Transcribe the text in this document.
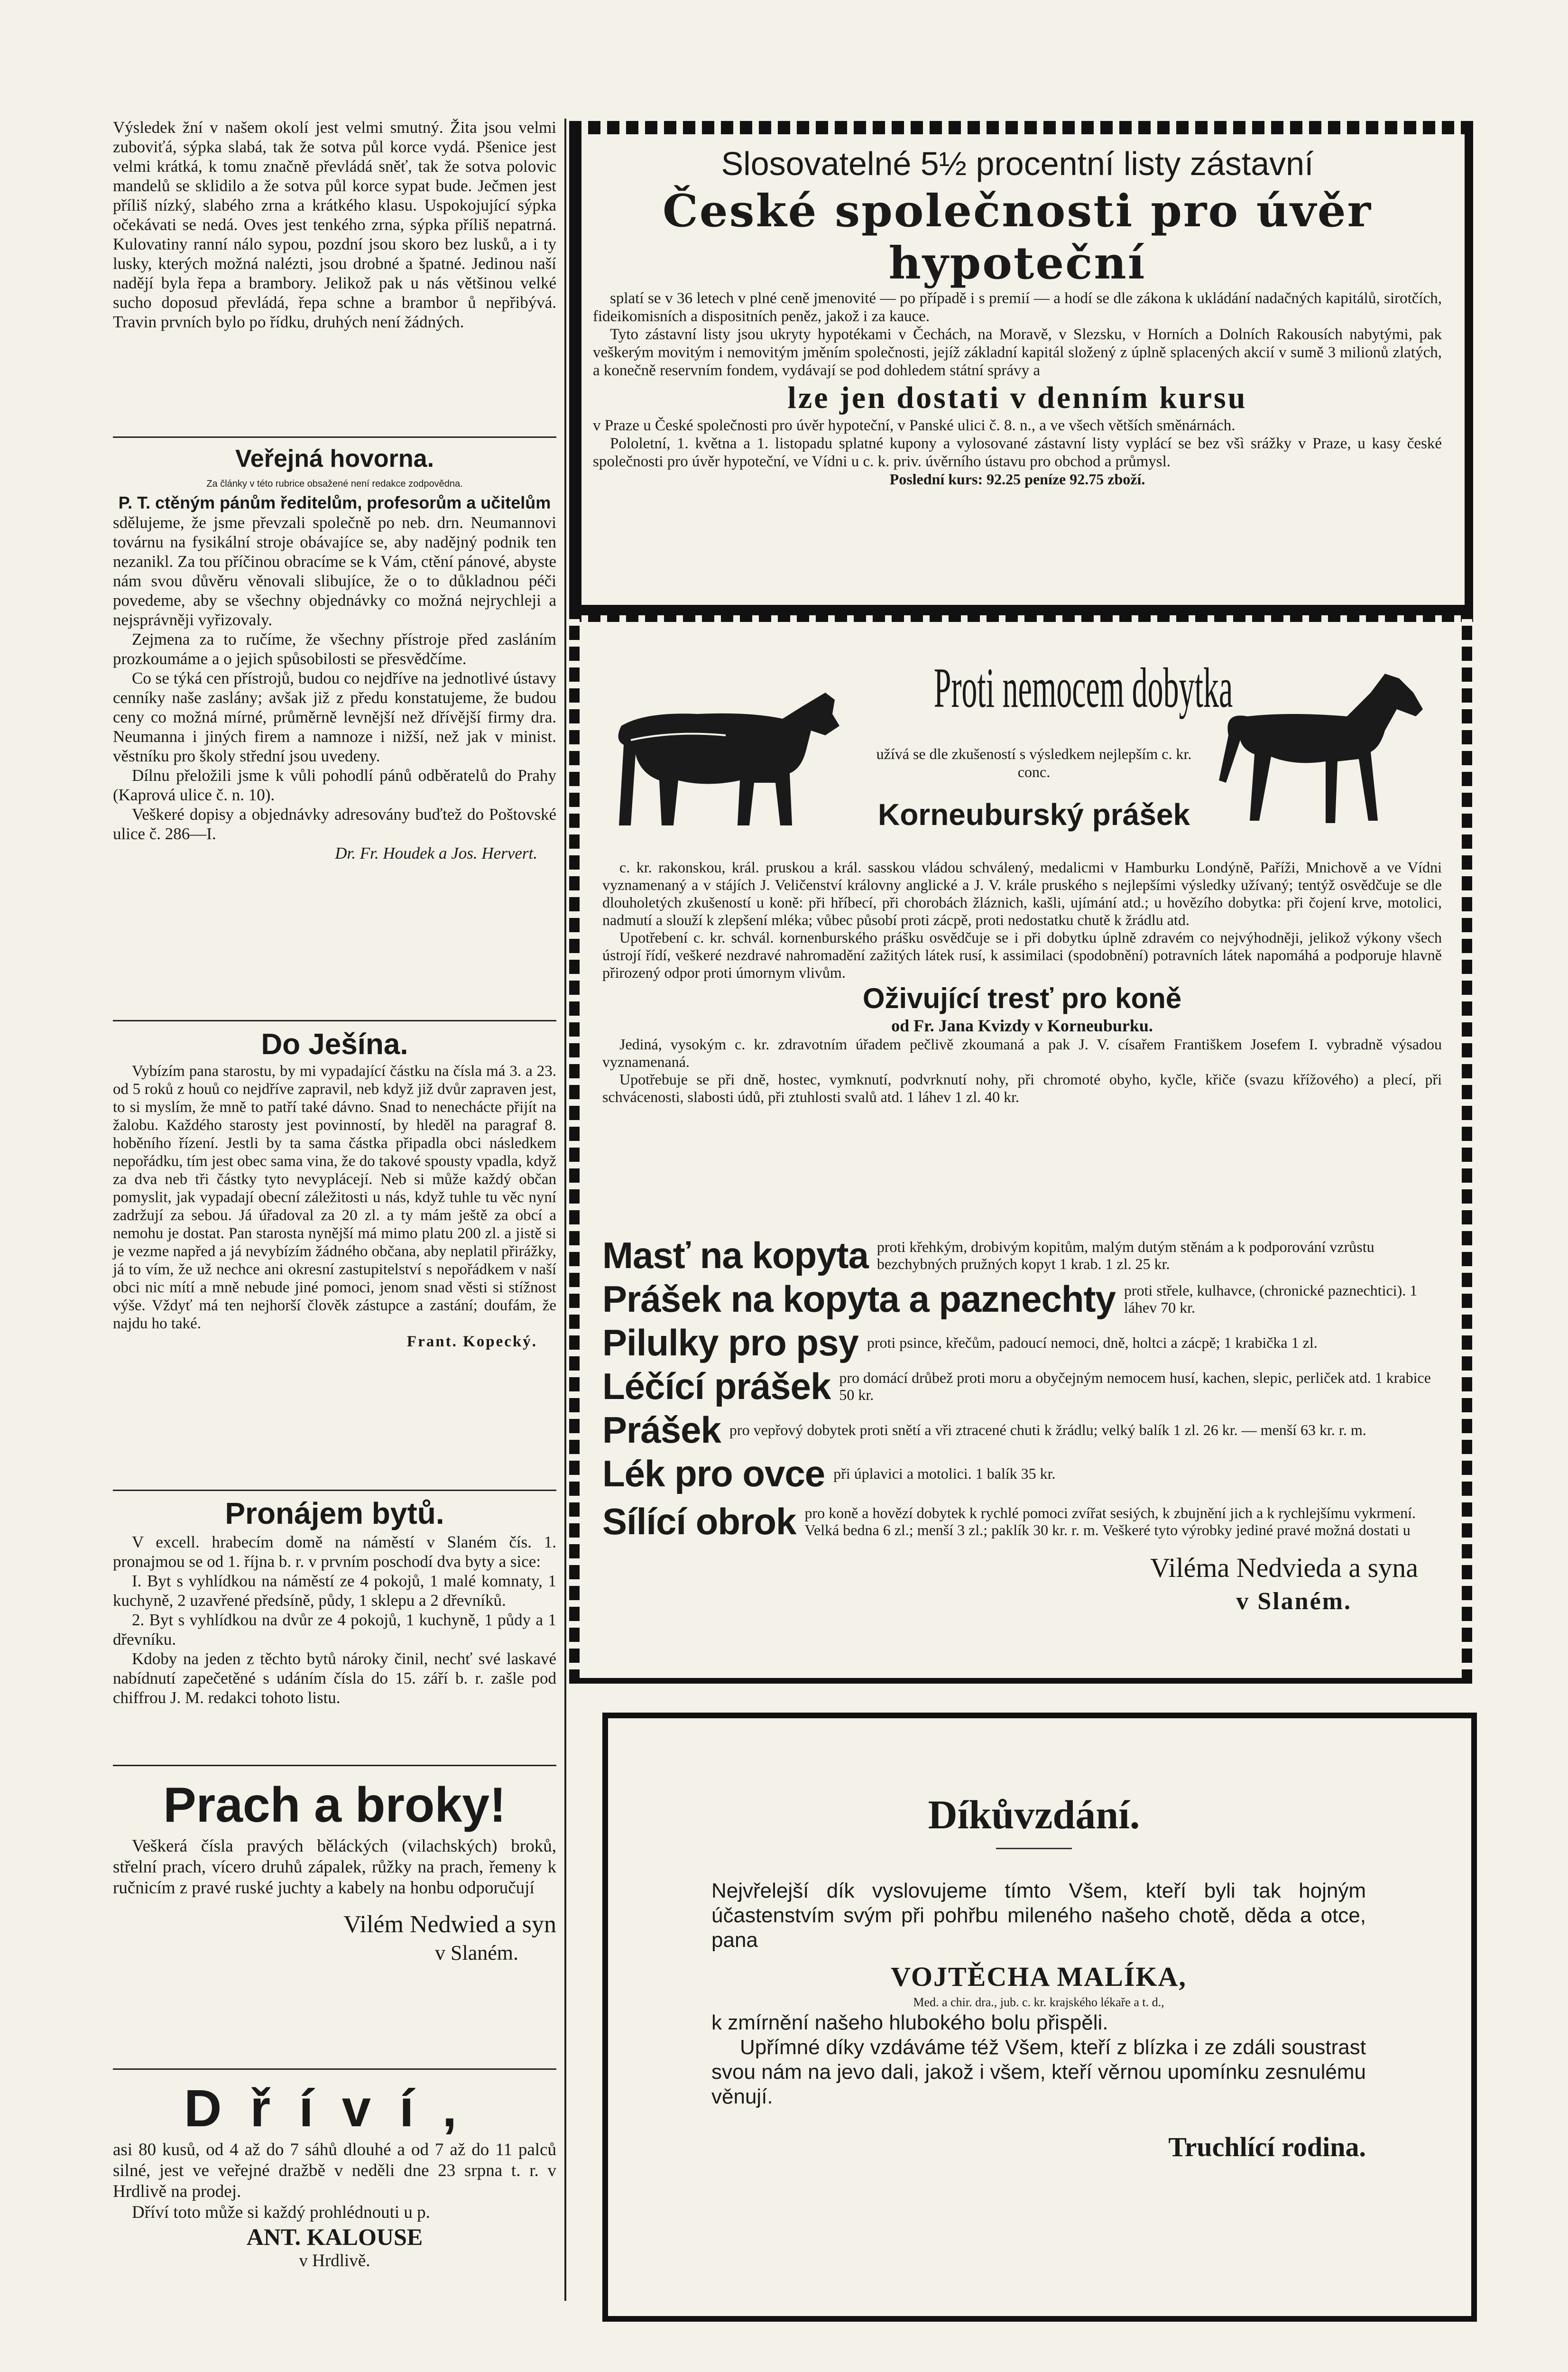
Výsledek žní v našem okolí jest velmi smutný. Žita jsou velmi zuboviťá, sýpka slabá, tak že sotva půl korce vydá. Pšenice jest velmi krátká, k tomu značně převládá sněť, tak že sotva polovic mandelů se sklidilo a že sotva půl korce sypat bude. Ječmen jest příliš nízký, slabého zrna a krátkého klasu. Uspokojující sýpka očekávati se nedá. Oves jest tenkého zrna, sýpka příliš nepatrná. Kulovatiny ranní nálo sypou, pozdní jsou skoro bez lusků, a i ty lusky, kterých možná nalézti, jsou drobné a špatné. Jedinou naší nadějí byla řepa a brambory. Jelikož pak u nás většinou velké sucho doposud převládá, řepa schne a brambor ů nepřibývá. Travin prvních bylo po řídku, druhých není žádných.

Veřejná hovorna.
Za články v této rubrice obsažené není redakce zodpovědna.
P. T. ctěným pánům ředitelům, profesorům a učitelům

sdělujeme, že jsme převzali společně po neb. drn. Neumannovi továrnu na fysikální stroje obávajíce se, aby nadějný podnik ten nezanikl. Za tou příčinou obracíme se k Vám, ctění pánové, abyste nám svou důvěru věnovali slibujíce, že o to důkladnou péči povedeme, aby se všechny objednávky co možná nejrychleji a nejsprávněji vyřizovaly.

Zejmena za to ručíme, že všechny přístroje před zasláním prozkoumáme a o jejich spůsobilosti se přesvědčíme.

Co se týká cen přístrojů, budou co nejdříve na jednotlivé ústavy cenníky naše zaslány; avšak již z předu konstatujeme, že budou ceny co možná mírné, průměrně levnější než dřívější firmy dra. Neumanna i jiných firem a namnoze i nižší, než jak v minist. věstníku pro školy střední jsou uvedeny.

Dílnu přeložili jsme k vůli pohodlí pánů odběratelů do Prahy (Kaprová ulice č. n. 10).

Veškeré dopisy a objednávky adresovány buďtež do Poštovské ulice č. 286—I.

Dr. Fr. Houdek a Jos. Hervert.
Do Ješína.

Vybízím pana starostu, by mi vypadající částku na čísla má 3. a 23. od 5 roků z houů co nejdříve zapravil, neb když již dvůr zapraven jest, to si myslím, že mně to patří také dávno. Snad to nenechácte přijít na žalobu. Každého starosty jest povinností, by hleděl na paragraf 8. hoběního řízení. Jestli by ta sama částka připadla obci následkem nepořádku, tím jest obec sama vina, že do takové spousty vpadla, když za dva neb tři částky tyto nevyplácejí. Neb si může každý občan pomyslit, jak vypadají obecní záležitosti u nás, když tuhle tu věc nyní zadržují za sebou. Já úřadoval za 20 zl. a ty mám ještě za obcí a nemohu je dostat. Pan starosta nynější má mimo platu 200 zl. a jistě si je vezme napřed a já nevybízím žádného občana, aby neplatil přirážky, já to vím, že už nechce ani okresní zastupitelství s nepořádkem v naší obci nic mítí a mně nebude jiné pomoci, jenom snad věsti si stížnost výše. Vždyť má ten nejhorší člověk zástupce a zastání; doufám, že najdu ho také.

Frant. Kopecký.
Pronájem bytů.

V excell. hrabecím domě na náměstí v Slaném čís. 1. pronajmou se od 1. října b. r. v prvním poschodí dva byty a sice:

I. Byt s vyhlídkou na náměstí ze 4 pokojů, 1 malé komnaty, 1 kuchyně, 2 uzavřené předsíně, půdy, 1 sklepu a 2 dřevníků.

2. Byt s vyhlídkou na dvůr ze 4 pokojů, 1 kuchyně, 1 půdy a 1 dřevníku.

Kdoby na jeden z těchto bytů nároky činil, nechť své laskavé nabídnutí zapečetěné s udáním čísla do 15. září b. r. zašle pod chiffrou J. M. redakci tohoto listu.

Prach a broky!

Veškerá čísla pravých běláckých (vilachských) broků, střelní prach, vícero druhů zápalek, růžky na prach, řemeny k ručnicím z pravé ruské juchty a kabely na honbu odporučují

Vilém Nedwied a syn
v Slaném.
Dříví,

asi 80 kusů, od 4 až do 7 sáhů dlouhé a od 7 až do 11 palců silné, jest ve veřejné dražbě v neděli dne 23 srpna t. r. v Hrdlivě na prodej.

Dříví toto může si každý prohlédnouti u p.

ANT. KALOUSE
v Hrdlivě.
Slosovatelné 5½ procentní listy zástavní
České společnosti pro úvěr hypoteční

splatí se v 36 letech v plné ceně jmenovité — po případě i s premií — a hodí se dle zákona k ukládání nadačných kapitálů, sirotčích, fideikomisních a dispositních peněz, jakož i za kauce.

Tyto zástavní listy jsou ukryty hypotékami v Čechách, na Moravě, v Slezsku, v Horních a Dolních Rakousích nabytými, pak veškerým movitým i nemovitým jměním společnosti, jejíž základní kapitál složený z úplně splacených akcií v sumě 3 milionů zlatých, a konečně reservním fondem, vydávají se pod dohledem státní správy a

lze jen dostati v denním kursu
v Praze u České společnosti pro úvěr hypoteční, v Panské ulici č. 8. n., a ve všech větších směnárnách.

Pololetní, 1. května a 1. listopadu splatné kupony a vylosované zástavní listy vyplácí se bez všì srážky v Praze, u kasy české společnosti pro úvěr hypoteční, ve Vídni u c. k. priv. úvěrního ústavu pro obchod a průmysl.

Poslední kurs: 92.25 peníze 92.75 zboží.
Proti nemocem dobytka
užívá se dle zkušeností s výsledkem nejlepším c. kr. conc.
Korneuburský prášek

c. kr. rakonskou, král. pruskou a král. sasskou vládou schválený, medalicmi v Hamburku Londýně, Paříži, Mnichově a ve Vídni vyznamenaný a v stájích J. Veličenství královny anglické a J. V. krále pruského s nejlepšími výsledky užívaný; tentýž osvědčuje se dle dlouholetých zkušeností u koně: při hříbecí, při chorobách žláznich, kašli, ujímání atd.; u hovězího dobytka: při čojení krve, motolici, nadmutí a slouží k zlepšení mléka; vůbec působí proti zácpě, proti nedostatku chutě k žrádlu atd.

Upotřebení c. kr. schvál. kornenburského prášku osvědčuje se i při dobytku úplně zdravém co nejvýhodněji, jelikož výkony všech ústrojí řídí, veškeré nezdravé nahromadění zažitých látek rusí, k assimilaci (spodobnění) potravních látek napomáhá a podporuje hlavně přirozený odpor proti úmornym vlivům.

Oživující tresť pro koně
od Fr. Jana Kvizdy v Korneuburku.

Jediná, vysokým c. kr. zdravotním úřadem pečlivě zkoumaná a pak J. V. císařem Františkem Josefem I. vybradně výsadou vyznamenaná.

Upotřebuje se při dně, hostec, vymknutí, podvrknutí nohy, při chromoté obyho, kyčle, křiče (svazu křížového) a plecí, při schvácenosti, slabosti údů, při ztuhlosti svalů atd. 1 láhev 1 zl. 40 kr.

Masť na kopyta proti křehkým, drobivým kopitům, malým dutým stěnám a k podporování vzrůstu bezchybných pružných kopyt 1 krab. 1 zl. 25 kr.
Prášek na kopyta a paznechty proti střele, kulhavce, (chronické paznechtici). 1 láhev 70 kr.
Pilulky pro psy proti psince, křečům, padoucí nemoci, dně, holtci a zácpě; 1 krabička 1 zl.
Léčící prášek pro domácí drůbež proti moru a obyčejným nemocem husí, kachen, slepic, perliček atd. 1 krabice 50 kr.
Prášek pro vepřový dobytek proti snětí a vři ztracené chuti k žrádlu; velký balík 1 zl. 26 kr. — menší 63 kr. r. m.
Lék pro ovce při úplavici a motolici. 1 balík 35 kr.
Sílící obrok pro koně a hovězí dobytek k rychlé pomoci zvířat sesiých, k zbujnění jich a k rychlejšímu vykrmení. Velká bedna 6 zl.; menší 3 zl.; paklík 30 kr. r. m. Veškeré tyto výrobky jediné pravé možná dostati u
Viléma Nedvieda a syna
v Slaném.
Díkůvzdání.
Nejvřelejší dík vyslovujeme tímto Všem, kteří byli tak hojným účastenstvím svým při pohřbu mileného našeho chotě, děda a otce, pana
VOJTĚCHA MALÍKA,
Med. a chir. dra., jub. c. kr. krajského lékaře a t. d.,
k zmírnění našeho hlubokého bolu přispěli.
Upřímné díky vzdáváme též Všem, kteří z blízka i ze zdáli soustrast svou nám na jevo dali, jakož i všem, kteří věrnou upomínku zesnulému věnují.
Truchlící rodina.
